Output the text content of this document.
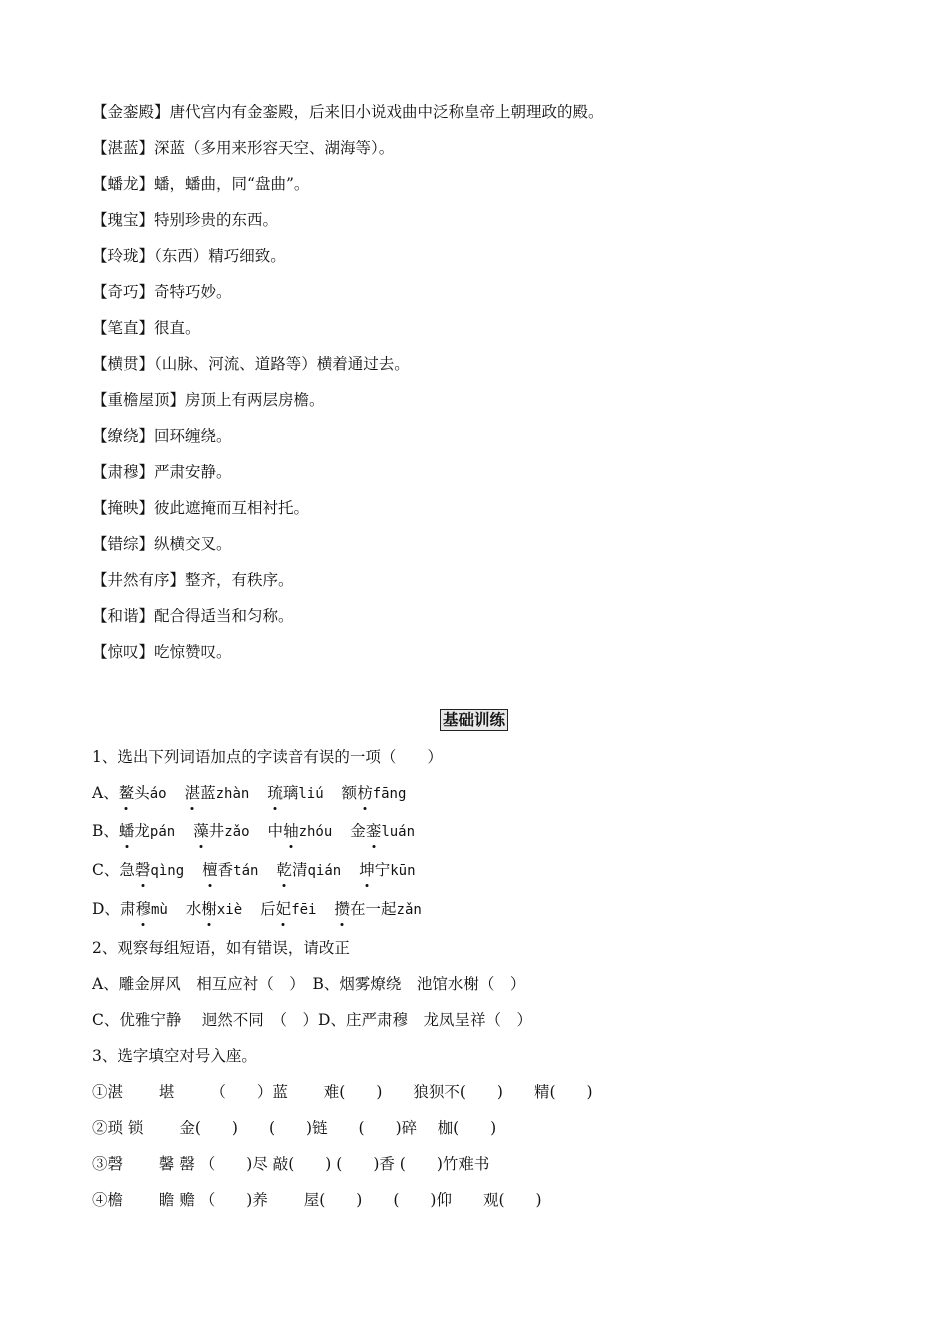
【金銮殿】唐代宫内有金銮殿，后来旧小说戏曲中泛称皇帝上朝理政的殿。
【湛蓝】深蓝（多用来形容天空、湖海等）。
【蟠龙】蟠，蟠曲，同“盘曲”。
【瑰宝】特别珍贵的东西。
【玲珑】（东西）精巧细致。
【奇巧】奇特巧妙。
【笔直】很直。
【横贯】（山脉、河流、道路等）横着通过去。
【重檐屋顶】房顶上有两层房檐。
【缭绕】回环缠绕。
【肃穆】严肃安静。
【掩映】彼此遮掩而互相衬托。
【错综】纵横交叉。
【井然有序】整齐，有秩序。
【和谐】配合得适当和匀称。
【惊叹】吃惊赞叹。
基础训练
1、选出下列词语加点的字读音有误的一项（　　）
A、鳌头áo 湛蓝zhàn 琉璃liú 额枋fāng
B、蟠龙pán 藻井zǎo 中轴zhóu 金銮luán
C、急磬qìng 檀香tán 乾清qián 坤宁kūn
D、肃穆mù 水榭xiè 后妃fēi 攒在一起zǎn
2、观察每组短语，如有错误，请改正
A、雕金屏风　相互应衬（　）　B、烟雾燎绕　池馆水榭（　）
C、优雅宁静　 迥然不同　（　）D、庄严肃穆　龙凤呈祥（　）
3、选字填空对号入座。
①湛　　 堪　　 （　　）蓝　　 难(　　)　　狼狈不(　　)　　精(　　)
②琐 锁　　 金(　　)　　(　　)链　　(　　)碎　 枷(　　)
③磬　　 馨 罄 （　　)尽 敲(　　) (　　)香 (　　)竹难书
④檐　　 瞻 赡 （　　)养　　 屋(　　)　　(　　)仰　　观(　　)
